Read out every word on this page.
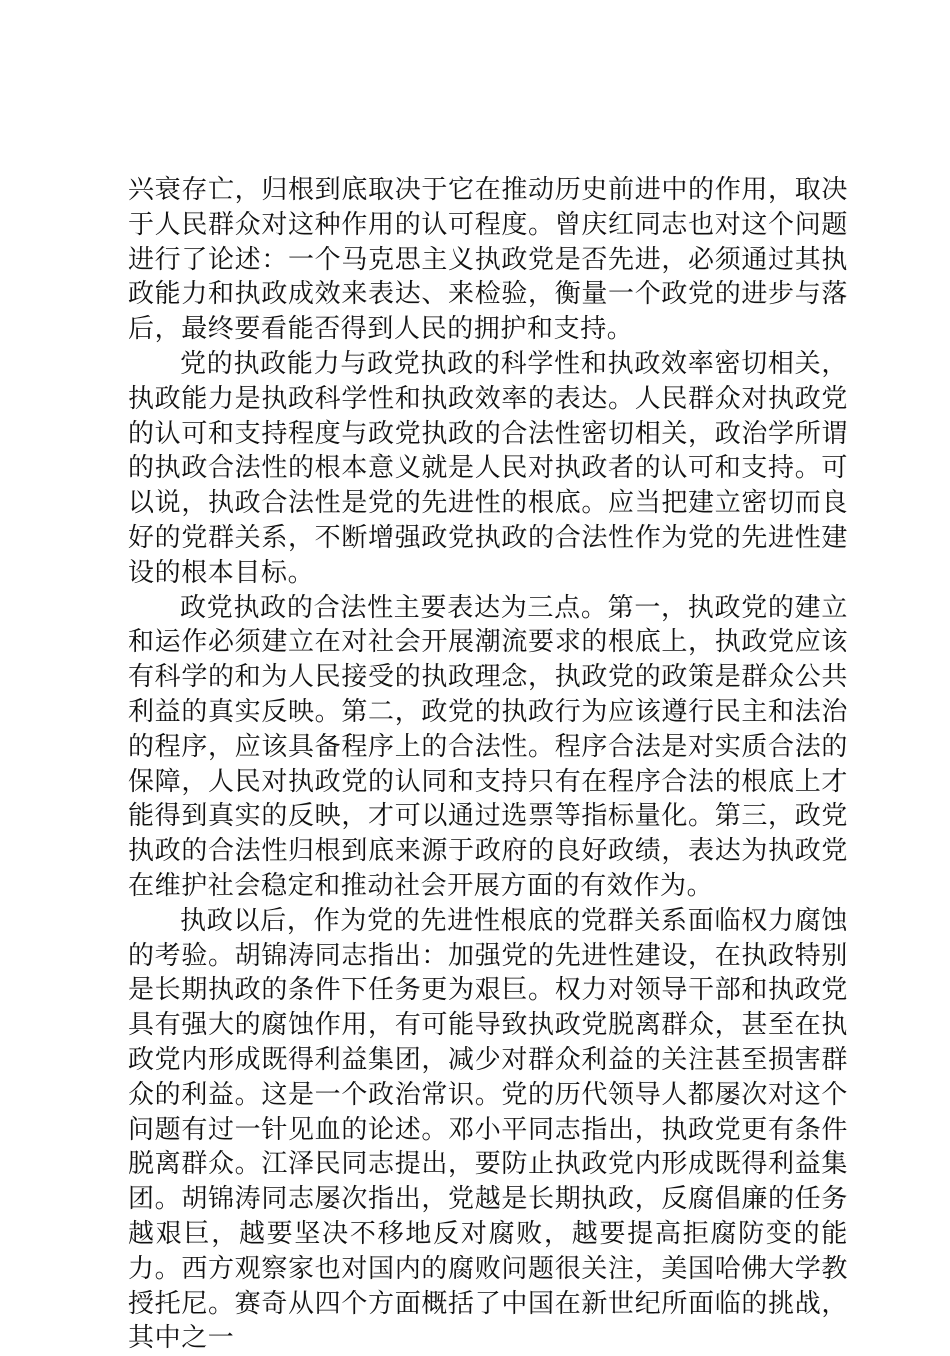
兴衰存亡，归根到底取决于它在推动历史前进中的作用，取决于人民群众对这种作用的认可程度。曾庆红同志也对这个问题进行了论述：一个马克思主义执政党是否先进，必须通过其执政能力和执政成效来表达、来检验，衡量一个政党的进步与落后，最终要看能否得到人民的拥护和支持。

党的执政能力与政党执政的科学性和执政效率密切相关，执政能力是执政科学性和执政效率的表达。人民群众对执政党的认可和支持程度与政党执政的合法性密切相关，政治学所谓的执政合法性的根本意义就是人民对执政者的认可和支持。可以说，执政合法性是党的先进性的根底。应当把建立密切而良好的党群关系，不断增强政党执政的合法性作为党的先进性建设的根本目标。

政党执政的合法性主要表达为三点。第一，执政党的建立和运作必须建立在对社会开展潮流要求的根底上，执政党应该有科学的和为人民接受的执政理念，执政党的政策是群众公共利益的真实反映。第二，政党的执政行为应该遵行民主和法治的程序，应该具备程序上的合法性。程序合法是对实质合法的保障，人民对执政党的认同和支持只有在程序合法的根底上才能得到真实的反映，才可以通过选票等指标量化。第三，政党执政的合法性归根到底来源于政府的良好政绩，表达为执政党在维护社会稳定和推动社会开展方面的有效作为。

执政以后，作为党的先进性根底的党群关系面临权力腐蚀的考验。胡锦涛同志指出：加强党的先进性建设，在执政特别是长期执政的条件下任务更为艰巨。权力对领导干部和执政党具有强大的腐蚀作用，有可能导致执政党脱离群众，甚至在执政党内形成既得利益集团，减少对群众利益的关注甚至损害群众的利益。这是一个政治常识。党的历代领导人都屡次对这个问题有过一针见血的论述。邓小平同志指出，执政党更有条件脱离群众。江泽民同志提出，要防止执政党内形成既得利益集团。胡锦涛同志屡次指出，党越是长期执政，反腐倡廉的任务越艰巨，越要坚决不移地反对腐败，越要提高拒腐防变的能力。西方观察家也对国内的腐败问题很关注，美国哈佛大学教授托尼。赛奇从四个方面概括了中国在新世纪所面临的挑战，其中之一
